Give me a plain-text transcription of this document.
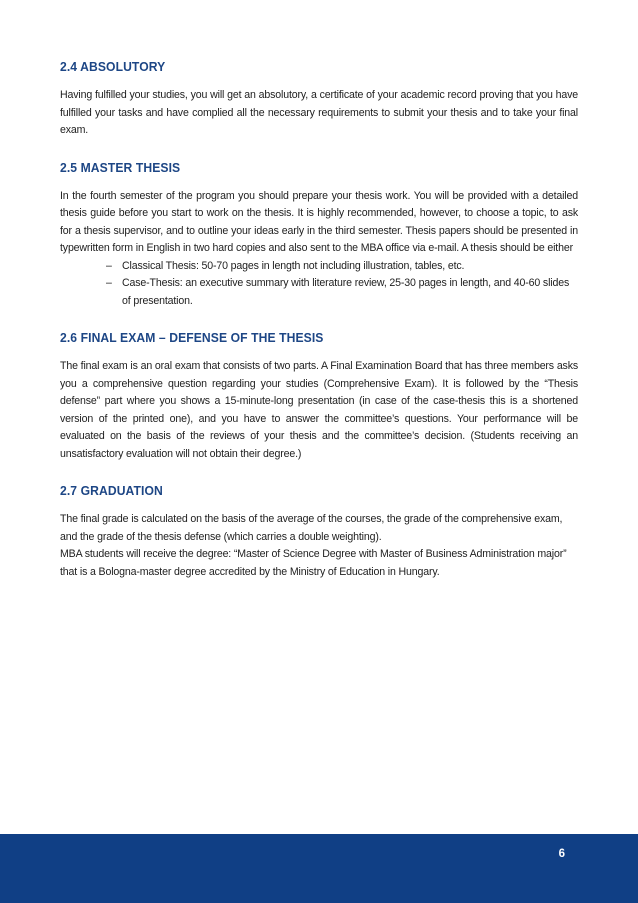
2.4 ABSOLUTORY

Having fulfilled your studies, you will get an absolutory, a certificate of your academic record proving that you have fulfilled your tasks and have complied all the necessary requirements to submit your thesis and to take your final exam.

2.5 MASTER THESIS

In the fourth semester of the program you should prepare your thesis work. You will be provided with a detailed thesis guide before you start to work on the thesis. It is highly recommended, however, to choose a topic, to ask for a thesis supervisor, and to outline your ideas early in the third semester. Thesis papers should be presented in typewritten form in English in two hard copies and also sent to the MBA office via e-mail. A thesis should be either

– Classical Thesis: 50-70 pages in length not including illustration, tables, etc.
– Case-Thesis: an executive summary with literature review, 25-30 pages in length, and 40-60 slides of presentation.
2.6 FINAL EXAM – DEFENSE OF THE THESIS

The final exam is an oral exam that consists of two parts. A Final Examination Board that has three members asks you a comprehensive question regarding your studies (Comprehensive Exam). It is followed by the “Thesis defense” part where you shows a 15-minute-long presentation (in case of the case-thesis this is a shortened version of the printed one), and you have to answer the committee’s questions. Your performance will be evaluated on the basis of the reviews of your thesis and the committee’s decision. (Students receiving an unsatisfactory evaluation will not obtain their degree.)

2.7 GRADUATION

The final grade is calculated on the basis of the average of the courses, the grade of the comprehensive exam, and the grade of the thesis defense (which carries a double weighting).

MBA students will receive the degree: “Master of Science Degree with Master of Business Administration major” that is a Bologna-master degree accredited by the Ministry of Education in Hungary.

6
